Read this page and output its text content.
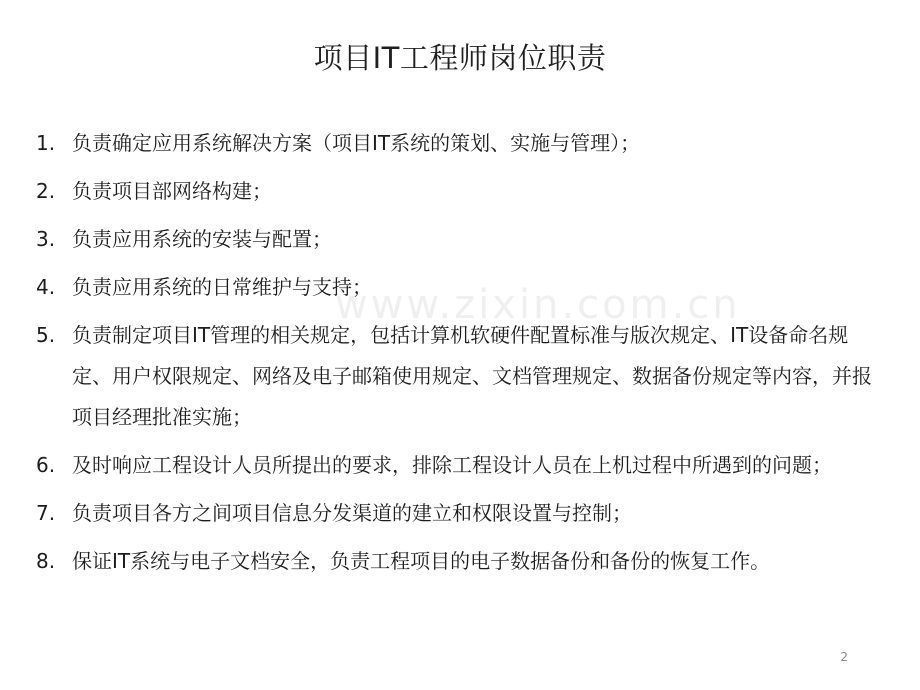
项目IT工程师岗位职责
www.zixin.com.cn
1. 负责确定应用系统解决方案（项目IT系统的策划、实施与管理）；
2. 负责项目部网络构建；
3. 负责应用系统的安装与配置；
4. 负责应用系统的日常维护与支持；
5. 负责制定项目IT管理的相关规定，包括计算机软硬件配置标准与版次规定、IT设备命名规定、用户权限规定、网络及电子邮箱使用规定、文档管理规定、数据备份规定等内容，并报项目经理批准实施；
6. 及时响应工程设计人员所提出的要求，排除工程设计人员在上机过程中所遇到的问题；
7. 负责项目各方之间项目信息分发渠道的建立和权限设置与控制；
8. 保证IT系统与电子文档安全，负责工程项目的电子数据备份和备份的恢复工作。
2
